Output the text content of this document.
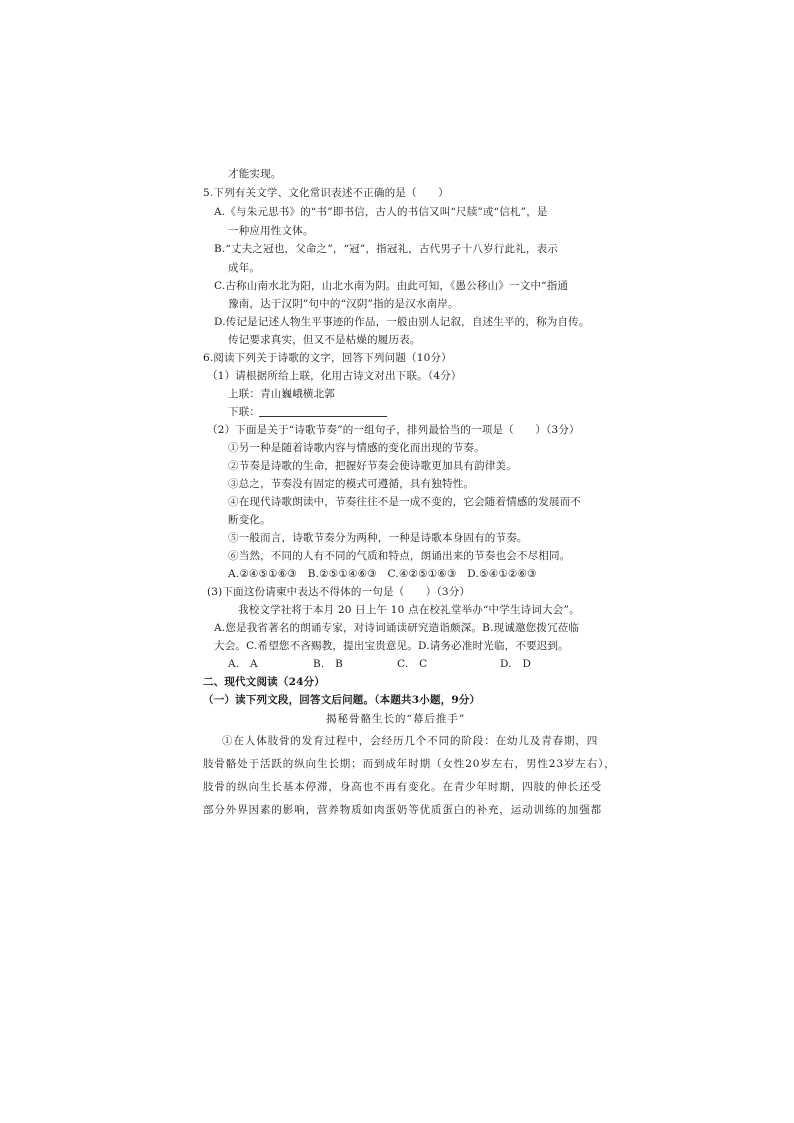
才能实现。
5.下列有关文学、文化常识表述不正确的是（　　）
A.《与朱元思书》的“书”即书信，古人的书信又叫“尺牍”或“信札”，是
一种应用性文体。
B.“丈夫之冠也，父命之”，“冠”，指冠礼，古代男子十八岁行此礼，表示
成年。
C.古称山南水北为阳，山北水南为阴。由此可知，《愚公移山》一文中“指通
豫南，达于汉阴”句中的“汉阴”指的是汉水南岸。
D.传记是记述人物生平事迹的作品，一般由别人记叙，自述生平的，称为自传。
传记要求真实，但又不是枯燥的履历表。
6.阅读下列关于诗歌的文字，回答下列问题（10分）
（1）请根据所给上联，化用古诗文对出下联。（4分）
上联：青山巍峨横北郭
下联：
（2）下面是关于“诗歌节奏”的一组句子，排列最恰当的一项是（　　）（3分）
①另一种是随着诗歌内容与情感的变化而出现的节奏。
②节奏是诗歌的生命，把握好节奏会使诗歌更加具有韵律美。
③总之，节奏没有固定的模式可遵循，具有独特性。
④在现代诗歌朗读中，节奏往往不是一成不变的，它会随着情感的发展而不
断变化。
⑤一般而言，诗歌节奏分为两种，一种是诗歌本身固有的节奏。
⑥当然，不同的人有不同的气质和特点，朗诵出来的节奏也会不尽相同。
A.②④⑤①⑥③　B.②⑤①④⑥③　C.④②⑤①⑥③　D.⑤④①②⑥③
(3)下面这份请柬中表达不得体的一句是（　　）（3分）
我校文学社将于本月 20 日上午 10 点在校礼堂举办“中学生诗词大会”。
A.您是我省著名的朗诵专家，对诗词诵读研究造诣颇深。B.现诚邀您拨冗莅临
大会。C.希望您不吝赐教，提出宝贵意见。D.请务必准时光临，不要迟到。
A.　A	B.　B	C.　C	D.　D
二、现代文阅读（24分）
（一）读下列文段，回答文后问题。（本题共3小题，9分）
揭秘骨骼生长的“幕后推手”
①在人体肢骨的发育过程中，会经历几个不同的阶段：在幼儿及青春期，四
肢骨骼处于活跃的纵向生长期；而到成年时期（女性20岁左右，男性23岁左右），
肢骨的纵向生长基本停滞，身高也不再有变化。在青少年时期，四肢的伸长还受
部分外界因素的影响，营养物质如肉蛋奶等优质蛋白的补充，运动训练的加强都
